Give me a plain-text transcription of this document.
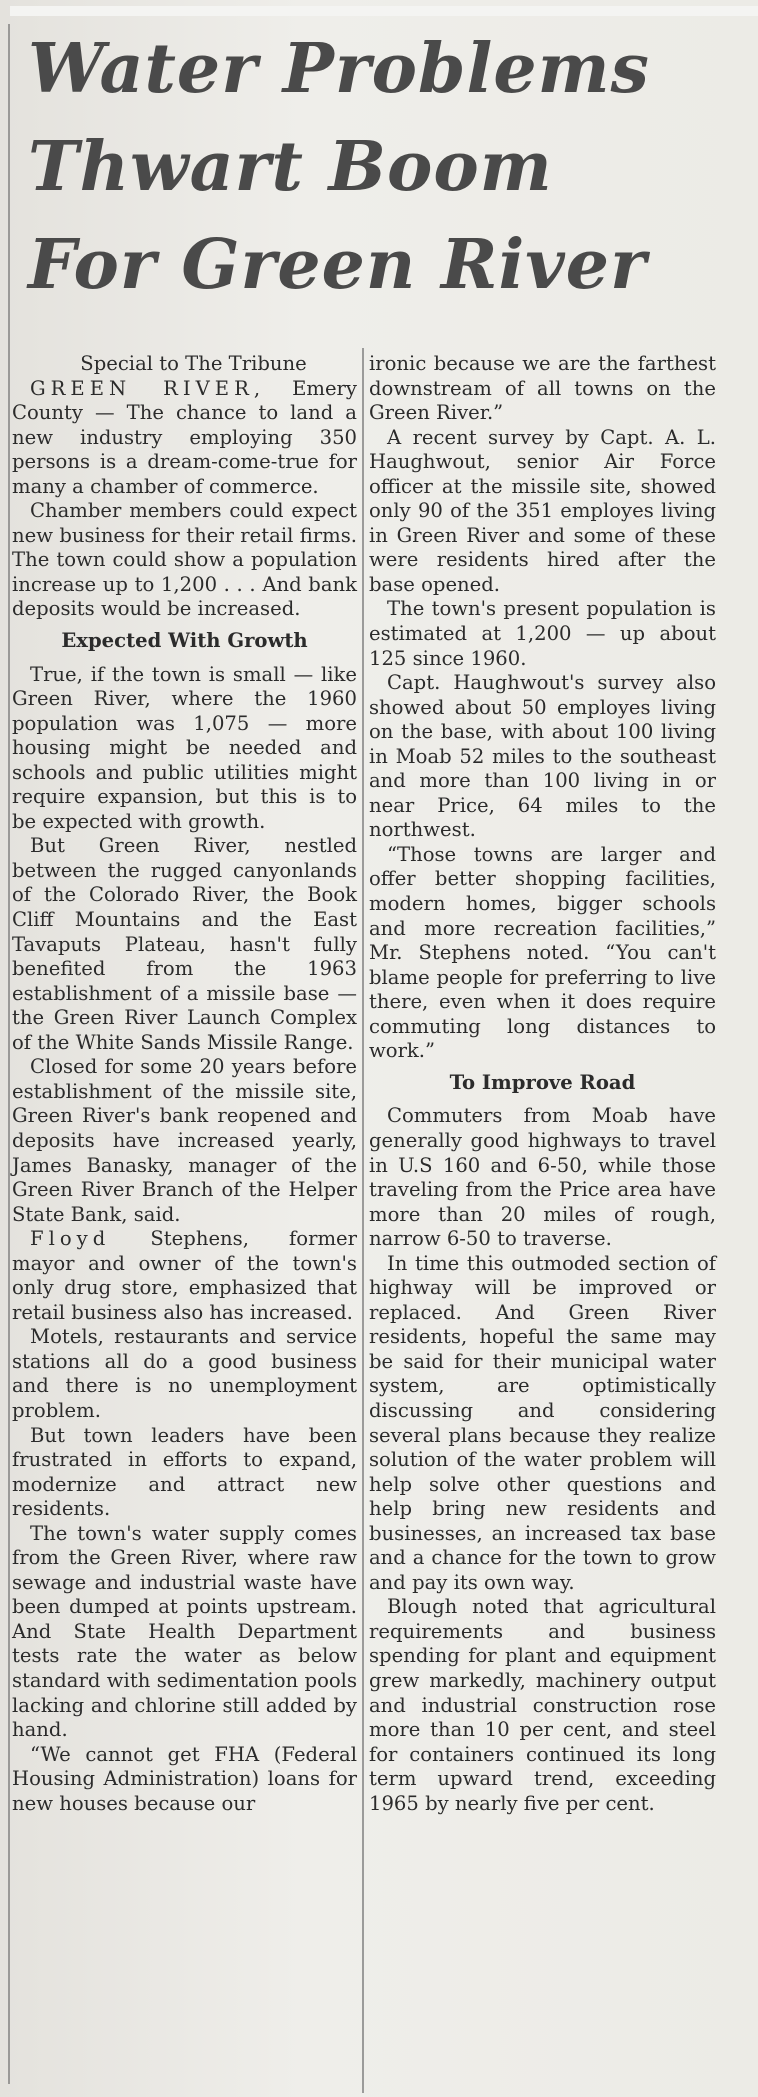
Water Problems
Thwart Boom
For Green River

Special to The Tribune

GREEN RIVER, Emery County — The chance to land a new industry employing 350 persons is a dream-come-true for many a chamber of commerce.

Chamber members could expect new business for their retail firms. The town could show a population increase up to 1,200 . . . And bank deposits would be increased.

Expected With Growth

True, if the town is small — like Green River, where the 1960 population was 1,075 — more housing might be needed and schools and public utilities might require expansion, but this is to be expected with growth.

But Green River, nestled between the rugged canyonlands of the Colorado River, the Book Cliff Mountains and the East Tavaputs Plateau, hasn't fully benefited from the 1963 establishment of a missile base — the Green River Launch Complex of the White Sands Missile Range.

Closed for some 20 years before establishment of the missile site, Green River's bank reopened and deposits have increased yearly, James Banasky, manager of the Green River Branch of the Helper State Bank, said.

Floyd Stephens, former mayor and owner of the town's only drug store, emphasized that retail business also has increased.

Motels, restaurants and service stations all do a good business and there is no unemployment problem.

But town leaders have been frustrated in efforts to expand, modernize and attract new residents.

The town's water supply comes from the Green River, where raw sewage and industrial waste have been dumped at points upstream. And State Health Department tests rate the water as below standard with sedimentation pools lacking and chlorine still added by hand.

“We cannot get FHA (Federal Housing Administration) loans for new houses because our

ironic because we are the farthest downstream of all towns on the Green River.”

A recent survey by Capt. A. L. Haughwout, senior Air Force officer at the missile site, showed only 90 of the 351 employes living in Green River and some of these were residents hired after the base opened.

The town's present population is estimated at 1,200 — up about 125 since 1960.

Capt. Haughwout's survey also showed about 50 employes living on the base, with about 100 living in Moab 52 miles to the southeast and more than 100 living in or near Price, 64 miles to the northwest.

“Those towns are larger and offer better shopping facilities, modern homes, bigger schools and more recreation facilities,” Mr. Stephens noted. “You can't blame people for preferring to live there, even when it does require commuting long distances to work.”

To Improve Road

Commuters from Moab have generally good highways to travel in U.S 160 and 6-50, while those traveling from the Price area have more than 20 miles of rough, narrow 6-50 to traverse.

In time this outmoded section of highway will be improved or replaced. And Green River residents, hopeful the same may be said for their municipal water system, are optimistically discussing and considering several plans because they realize solution of the water problem will help solve other questions and help bring new residents and businesses, an increased tax base and a chance for the town to grow and pay its own way.

Blough noted that agricultural requirements and business spending for plant and equipment grew markedly, machinery output and industrial construction rose more than 10 per cent, and steel for containers continued its long term upward trend, exceeding 1965 by nearly five per cent.
